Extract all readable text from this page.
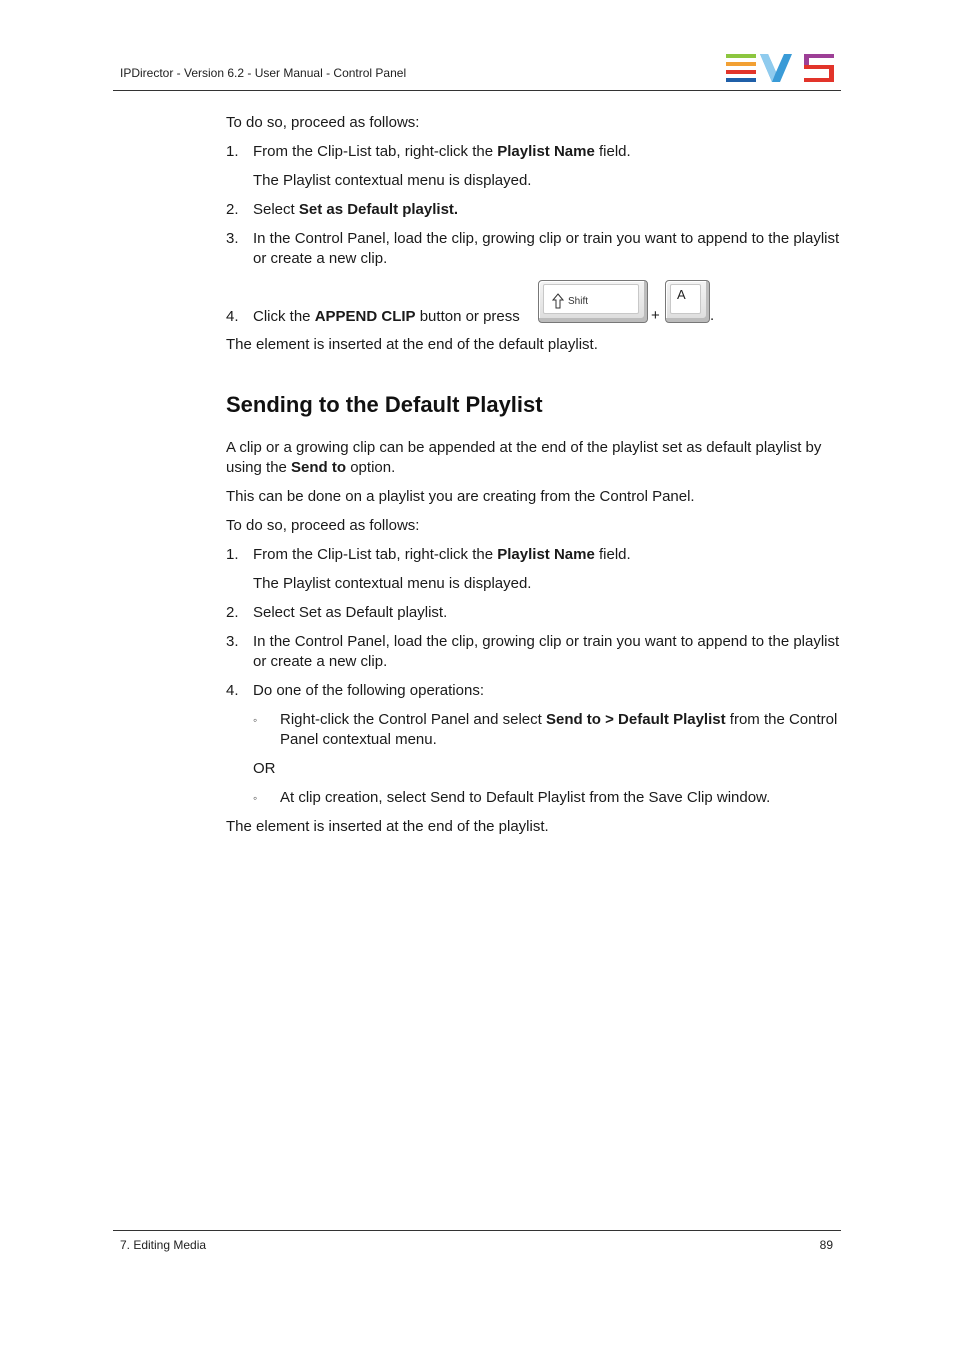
IPDirector - Version 6.2 - User Manual - Control Panel

To do so, proceed as follows:

1. From the Clip-List tab, right-click the Playlist Name field.

The Playlist contextual menu is displayed.

2. Select Set as Default playlist.

3. In the Control Panel, load the clip, growing clip or train you want to append to the playlist or create a new clip.

4. Click the APPEND CLIP button or press

Shift
+
A
.

The element is inserted at the end of the default playlist.

Sending to the Default Playlist

A clip or a growing clip can be appended at the end of the playlist set as default playlist by using the Send to option.

This can be done on a playlist you are creating from the Control Panel.

To do so, proceed as follows:

1. From the Clip-List tab, right-click the Playlist Name field.

The Playlist contextual menu is displayed.

2. Select Set as Default playlist.

3. In the Control Panel, load the clip, growing clip or train you want to append to the playlist or create a new clip.

4. Do one of the following operations:

◦ Right-click the Control Panel and select Send to > Default Playlist from the Control Panel contextual menu.

OR

◦ At clip creation, select Send to Default Playlist from the Save Clip window.

The element is inserted at the end of the playlist.

7. Editing Media	89
